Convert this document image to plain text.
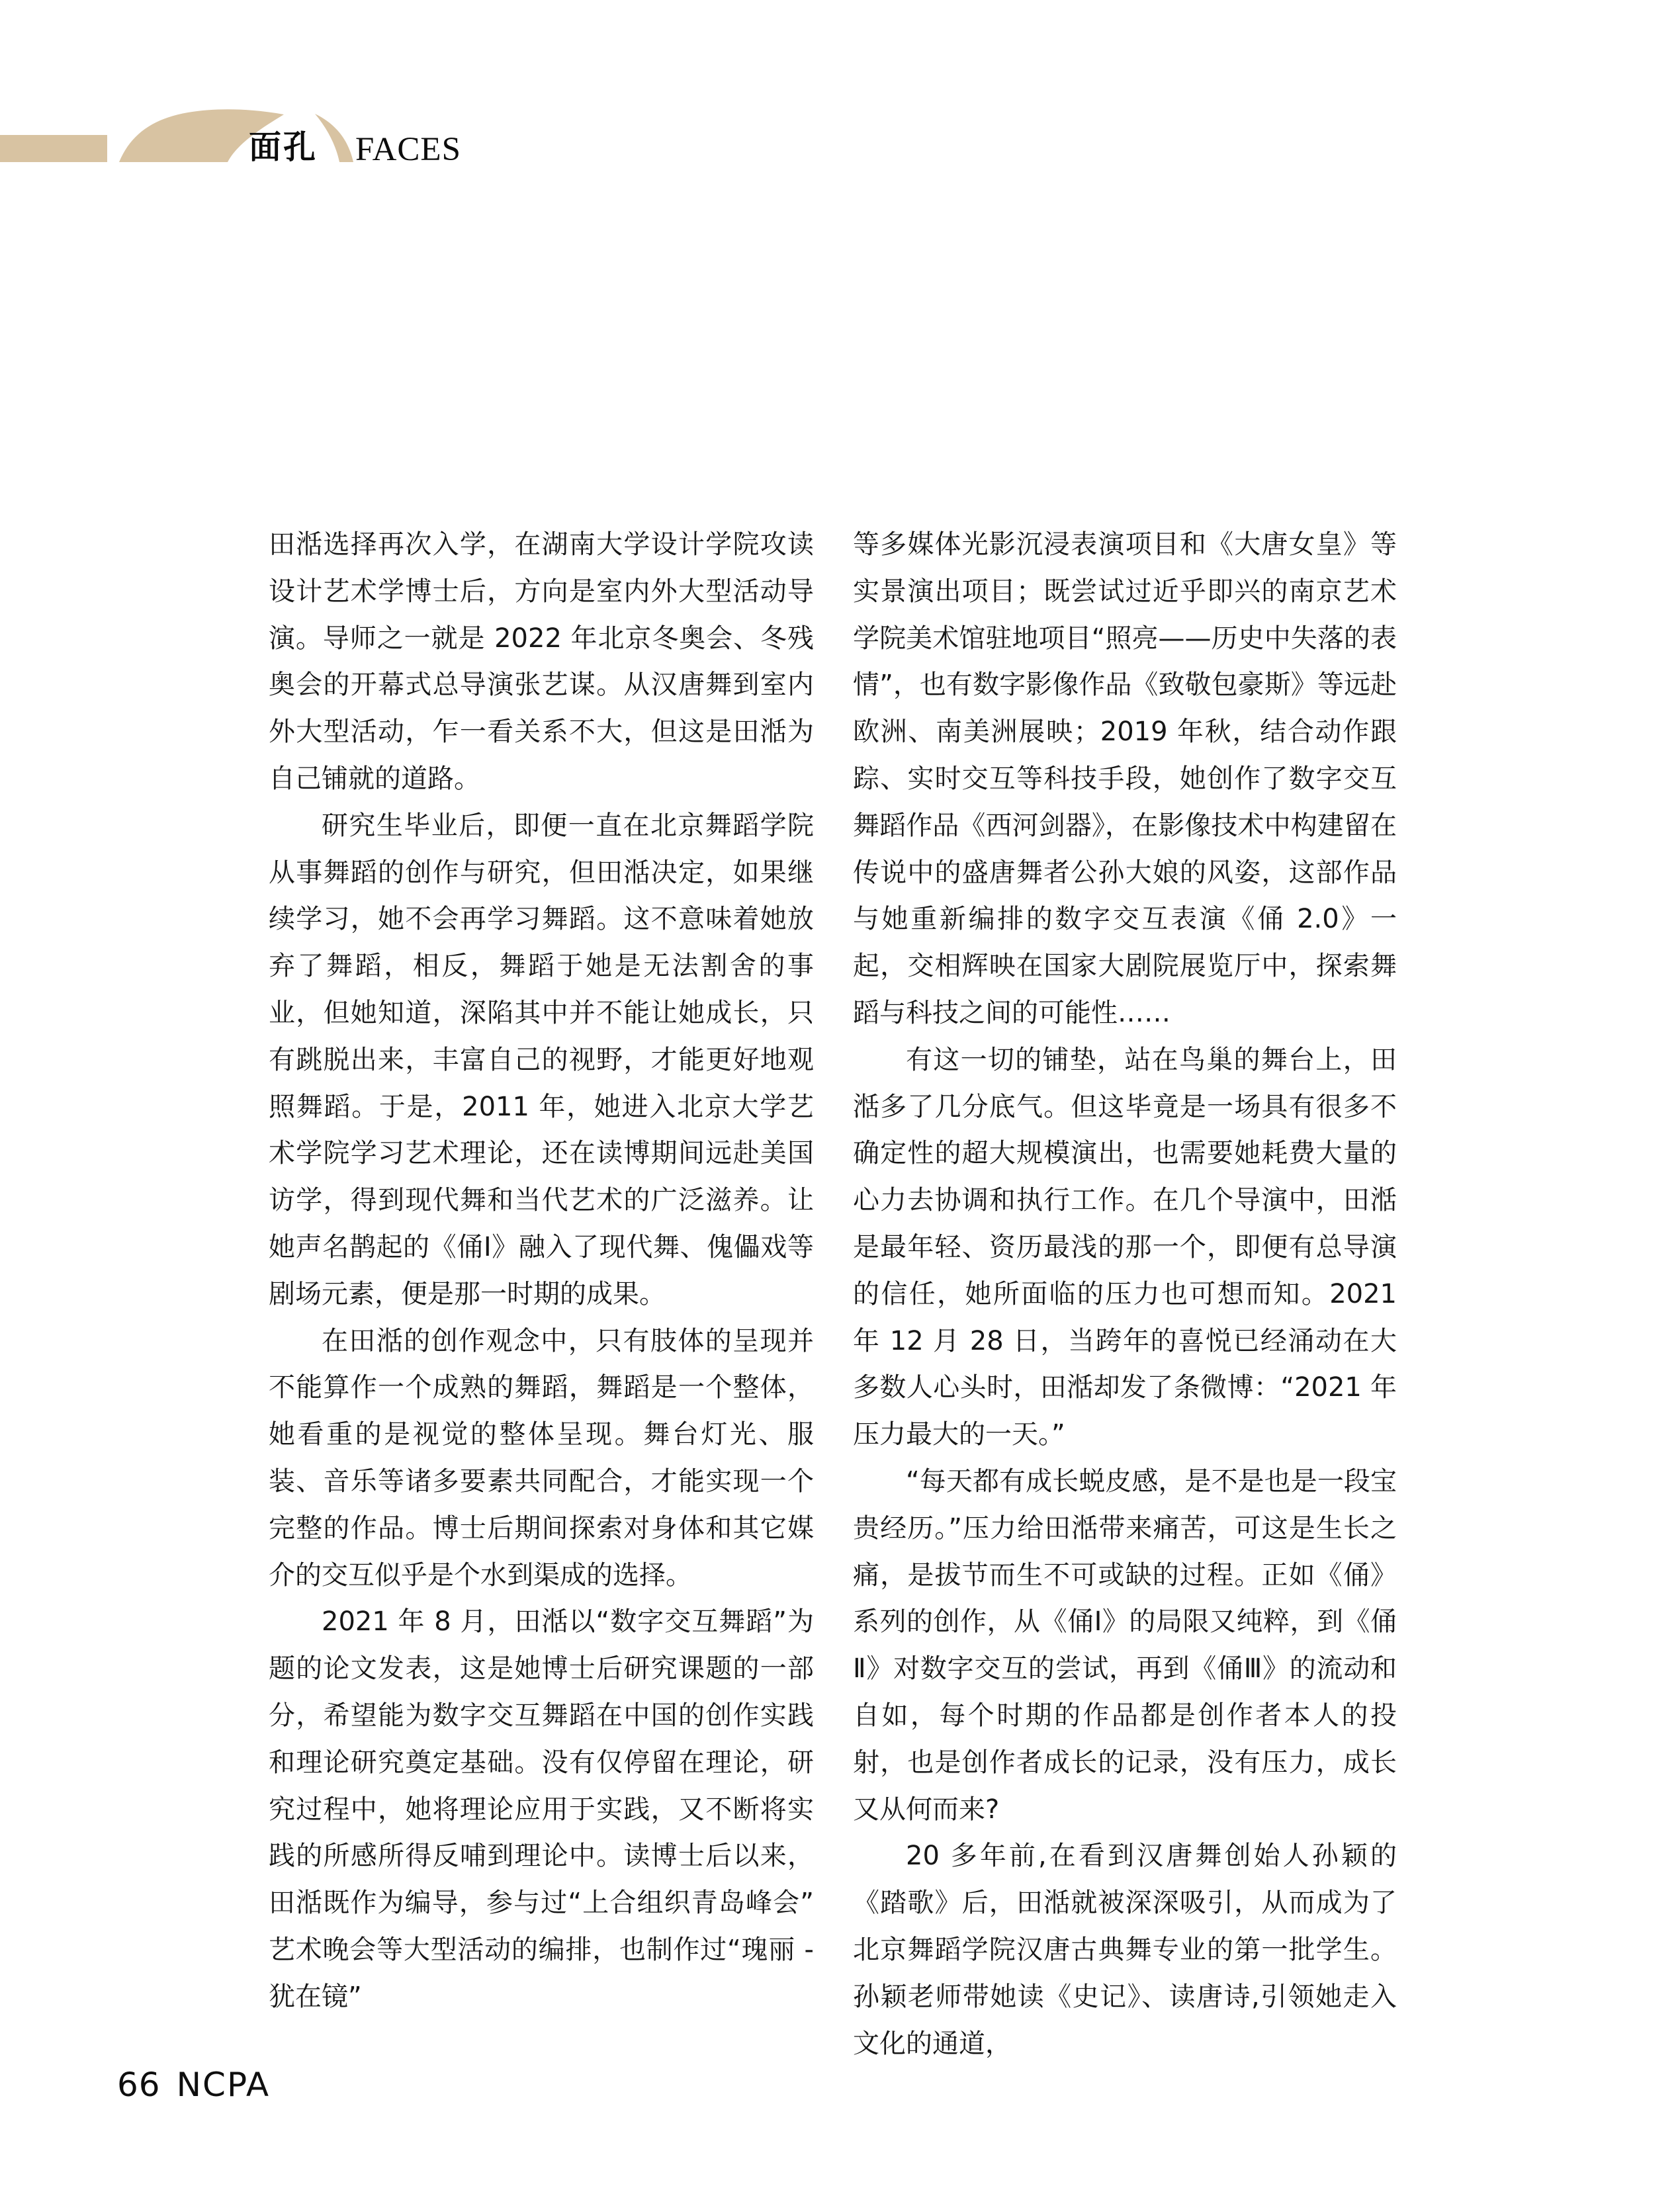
面孔 FACES

田湉选择再次入学，在湖南大学设计学院攻读设计艺术学博士后，方向是室内外大型活动导演。导师之一就是 2022 年北京冬奥会、冬残奥会的开幕式总导演张艺谋。从汉唐舞到室内外大型活动，乍一看关系不大，但这是田湉为自己铺就的道路。

研究生毕业后，即便一直在北京舞蹈学院从事舞蹈的创作与研究，但田湉决定，如果继续学习，她不会再学习舞蹈。这不意味着她放弃了舞蹈，相反，舞蹈于她是无法割舍的事业，但她知道，深陷其中并不能让她成长，只有跳脱出来，丰富自己的视野，才能更好地观照舞蹈。于是，2011 年，她进入北京大学艺术学院学习艺术理论，还在读博期间远赴美国访学，得到现代舞和当代艺术的广泛滋养。让她声名鹊起的《俑Ⅰ》融入了现代舞、傀儡戏等剧场元素，便是那一时期的成果。

在田湉的创作观念中，只有肢体的呈现并不能算作一个成熟的舞蹈，舞蹈是一个整体，她看重的是视觉的整体呈现。舞台灯光、服装、音乐等诸多要素共同配合，才能实现一个完整的作品。博士后期间探索对身体和其它媒介的交互似乎是个水到渠成的选择。

2021 年 8 月，田湉以“数字交互舞蹈”为题的论文发表，这是她博士后研究课题的一部分，希望能为数字交互舞蹈在中国的创作实践和理论研究奠定基础。没有仅停留在理论，研究过程中，她将理论应用于实践，又不断将实践的所感所得反哺到理论中。读博士后以来，田湉既作为编导，参与过“上合组织青岛峰会”艺术晚会等大型活动的编排，也制作过“瑰丽 - 犹在镜”

等多媒体光影沉浸表演项目和《大唐女皇》等实景演出项目；既尝试过近乎即兴的南京艺术学院美术馆驻地项目“照亮——历史中失落的表情”，也有数字影像作品《致敬包豪斯》等远赴欧洲、南美洲展映；2019 年秋，结合动作跟踪、实时交互等科技手段，她创作了数字交互舞蹈作品《西河剑器》，在影像技术中构建留在传说中的盛唐舞者公孙大娘的风姿，这部作品与她重新编排的数字交互表演《俑 2.0》一起，交相辉映在国家大剧院展览厅中，探索舞蹈与科技之间的可能性……

有这一切的铺垫，站在鸟巢的舞台上，田湉多了几分底气。但这毕竟是一场具有很多不确定性的超大规模演出，也需要她耗费大量的心力去协调和执行工作。在几个导演中，田湉是最年轻、资历最浅的那一个，即便有总导演的信任，她所面临的压力也可想而知。2021 年 12 月 28 日，当跨年的喜悦已经涌动在大多数人心头时，田湉却发了条微博：“2021 年压力最大的一天。”

“每天都有成长蜕皮感，是不是也是一段宝贵经历。”压力给田湉带来痛苦，可这是生长之痛，是拔节而生不可或缺的过程。正如《俑》系列的创作，从《俑Ⅰ》的局限又纯粹，到《俑Ⅱ》对数字交互的尝试，再到《俑Ⅲ》的流动和自如，每个时期的作品都是创作者本人的投射，也是创作者成长的记录，没有压力，成长又从何而来?

20 多年前,在看到汉唐舞创始人孙颖的《踏歌》后，田湉就被深深吸引，从而成为了北京舞蹈学院汉唐古典舞专业的第一批学生。孙颖老师带她读《史记》、读唐诗,引领她走入文化的通道，

66 NCPA
